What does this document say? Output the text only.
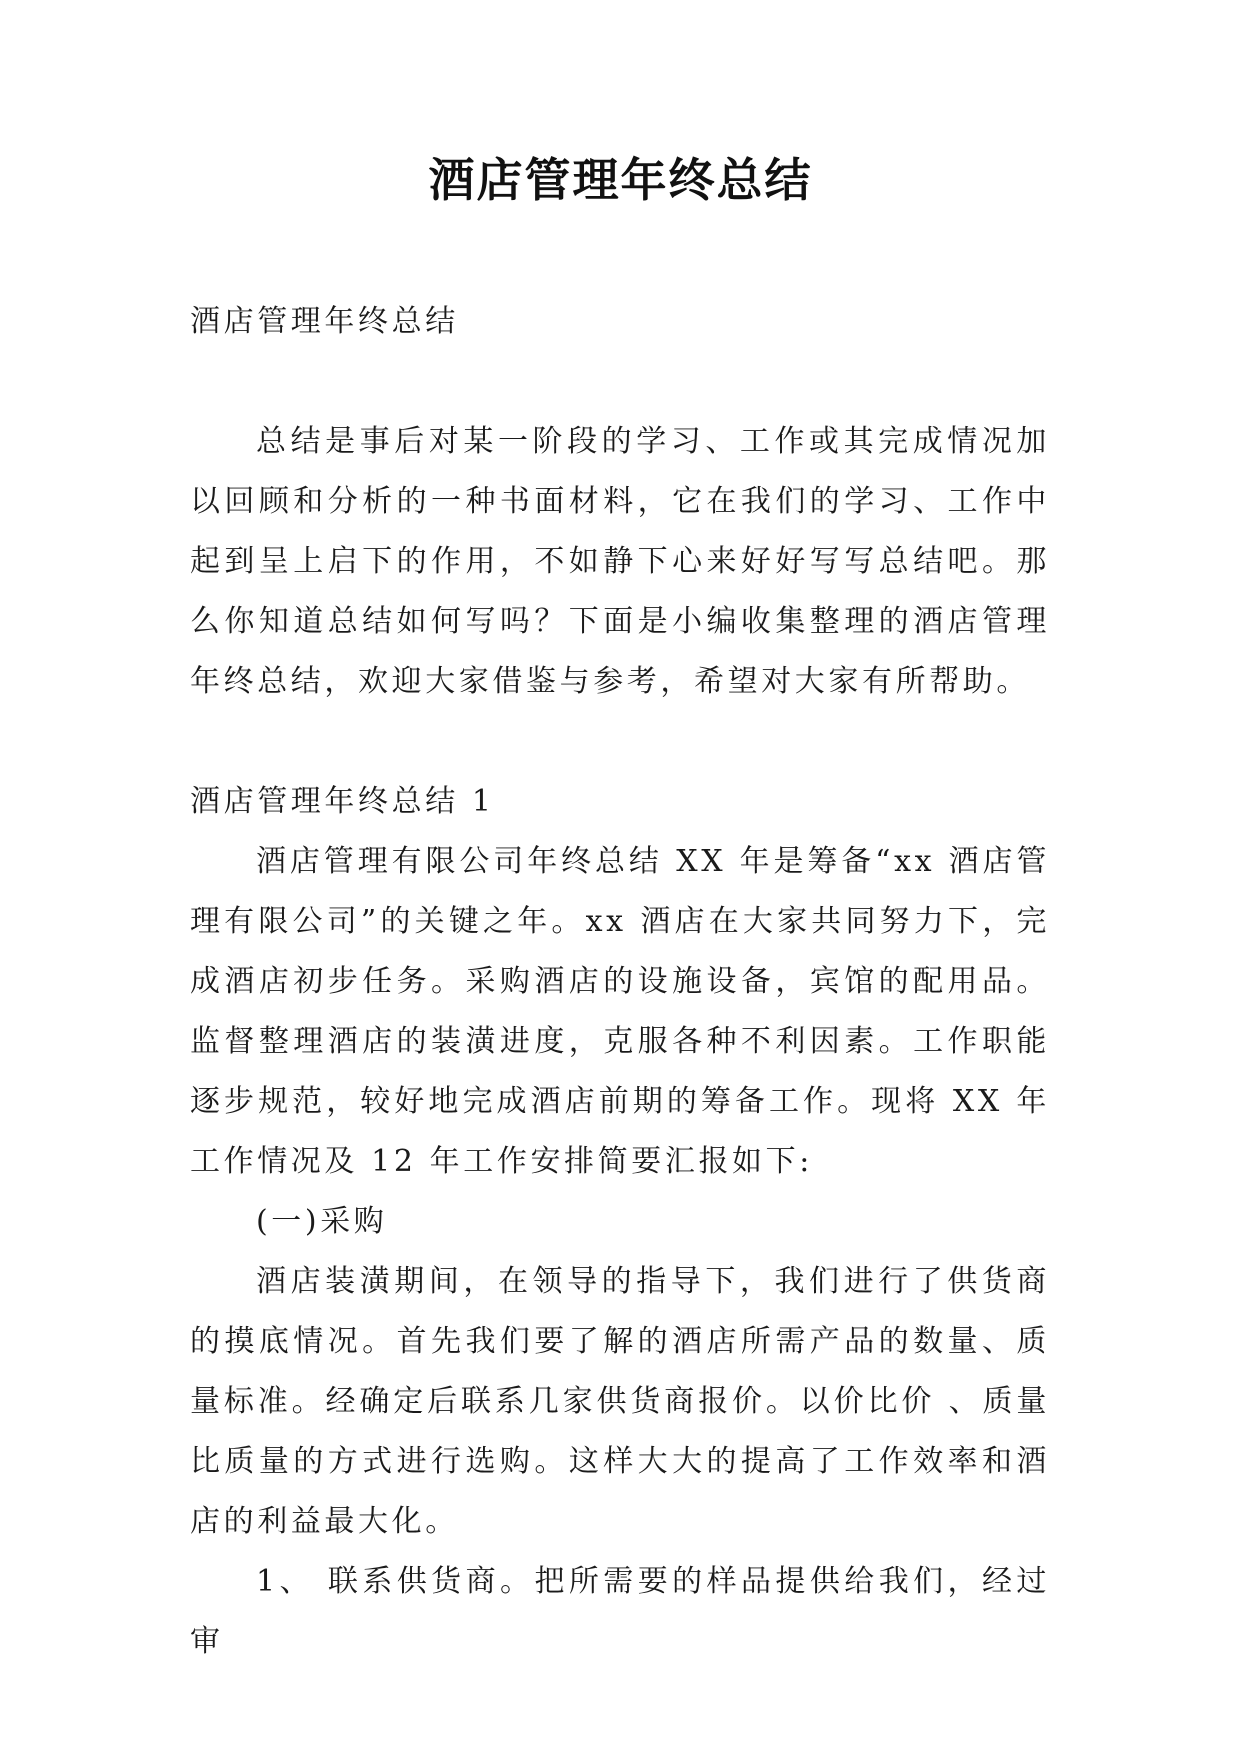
酒店管理年终总结

酒店管理年终总结

总结是事后对某一阶段的学习、工作或其完成情况加以回顾和分析的一种书面材料，它在我们的学习、工作中起到呈上启下的作用，不如静下心来好好写写总结吧。那么你知道总结如何写吗？下面是小编收集整理的酒店管理年终总结，欢迎大家借鉴与参考，希望对大家有所帮助。

酒店管理年终总结 1

酒店管理有限公司年终总结 XX 年是筹备“xx 酒店管理有限公司”的关键之年。xx 酒店在大家共同努力下，完成酒店初步任务。采购酒店的设施设备，宾馆的配用品。监督整理酒店的装潢进度，克服各种不利因素。工作职能逐步规范，较好地完成酒店前期的筹备工作。现将 XX 年工作情况及 12 年工作安排简要汇报如下:

(一)采购

酒店装潢期间，在领导的指导下，我们进行了供货商的摸底情况。首先我们要了解的酒店所需产品的数量、质量标准。经确定后联系几家供货商报价。以价比价 、质量比质量的方式进行选购。这样大大的提高了工作效率和酒店的利益最大化。

1、 联系供货商。把所需要的样品提供给我们，经过审
